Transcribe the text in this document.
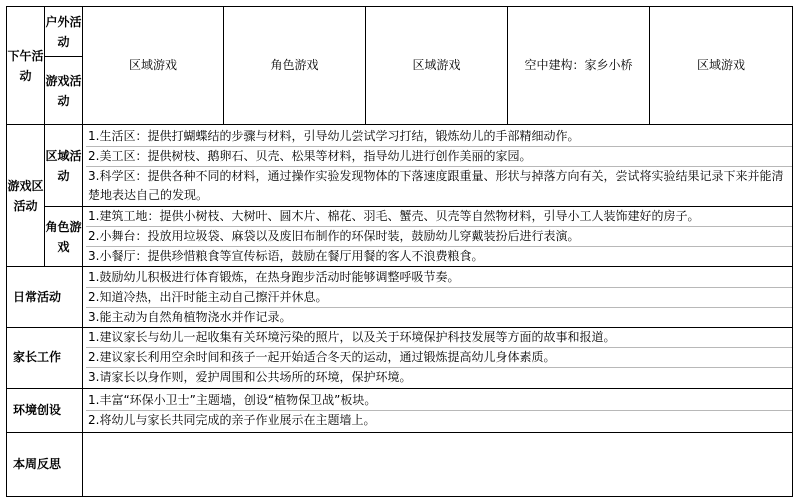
下午活动	户外活动	区域游戏	角色游戏	区域游戏	空中建构：家乡小桥	区域游戏
	游戏活动					
游戏区活动	区域活动	1.生活区：提供打蝴蝶结的步骤与材料，引导幼儿尝试学习打结，锻炼幼儿的手部精细动作。
2.美工区：提供树枝、鹅卵石、贝壳、松果等材料，指导幼儿进行创作美丽的家园。
3.科学区：提供各种不同的材料，通过操作实验发现物体的下落速度跟重量、形状与掉落方向有关，尝试将实验结果记录下来并能清楚地表达自己的发现。				

	角色游戏	1.建筑工地：提供小树枝、大树叶、圆木片、棉花、羽毛、蟹壳、贝壳等自然物材料，引导小工人装饰建好的房子。
2.小舞台：投放用垃圾袋、麻袋以及废旧布制作的环保时装，鼓励幼儿穿戴装扮后进行表演。
3.小餐厅：提供珍惜粮食等宣传标语，鼓励在餐厅用餐的客人不浪费粮食。				

日常活动		1.鼓励幼儿积极进行体育锻炼，在热身跑步活动时能够调整呼吸节奏。
2.知道冷热，出汗时能主动自己擦汗并休息。
3.能主动为自然角植物浇水并作记录。				

家长工作		1.建议家长与幼儿一起收集有关环境污染的照片，以及关于环境保护科技发展等方面的故事和报道。
2.建议家长利用空余时间和孩子一起开始适合冬天的运动，通过锻炼提高幼儿身体素质。
3.请家长以身作则，爱护周围和公共场所的环境，保护环境。				

环境创设		1.丰富“环保小卫士”主题墙，创设“植物保卫战”板块。
2.将幼儿与家长共同完成的亲子作业展示在主题墙上。				

本周反思						
